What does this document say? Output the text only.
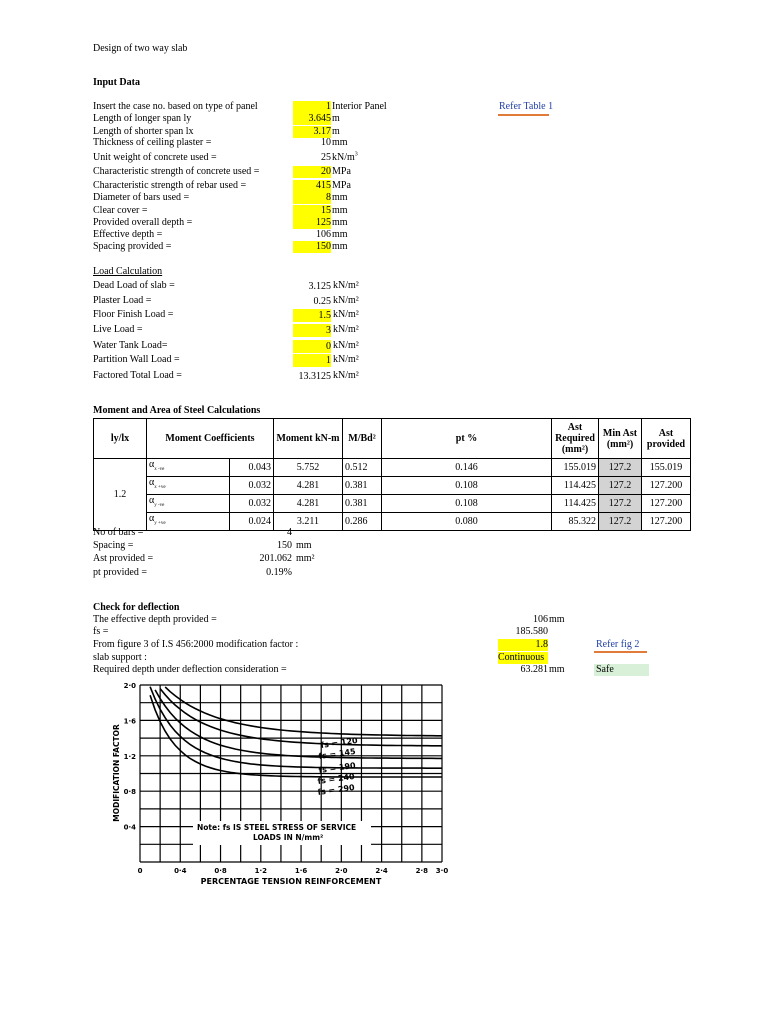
Design of two way slab
Input Data
Refer Table 1
Insert the case no. based on type of panel	1 Interior Panel
Length of longer span ly	3.645 m
Length of shorter span lx	3.17 m
Thickness of ceiling plaster =	10 mm
Unit weight of concrete used =	25 $kN/m^3$
Characteristic strength of concrete used =	20 MPa
Characteristic strength of rebar used =	415 MPa
Diameter of bars used =	8 mm
Clear cover =	15 mm
Provided overall depth =	125 mm
Effective depth =	106 mm
Spacing provided =	150 mm
Load Calculation
Dead Load of slab =	3.125 kN/m²
Plaster Load =	0.25 kN/m²
Floor Finish Load =	1.5 kN/m²
Live Load =	3 kN/m²
Water Tank Load=	0 kN/m²
Partition Wall Load =	1 kN/m²
Factored Total Load =	13.3125 kN/m²
Moment and Area of Steel Calculations
ly/lx	Moment Coefficients		Moment kN-m	M/Bd²	pt %	Ast Required (mm²)	Min Ast (mm²)	Ast provided
1.2	$\alpha_{x -ve}$	0.043	5.752	0.512	0.146	155.019	127.2	155.019
	$\alpha_{x +ve}$	0.032	4.281	0.381	0.108	114.425	127.2	127.200
	$\alpha_{y -ve}$	0.032	4.281	0.381	0.108	114.425	127.2	127.200
	$\alpha_{y +ve}$	0.024	3.211	0.286	0.080	85.322	127.2	127.200
No of bars =	4
Spacing =	150 mm
Ast provided =	201.062 mm²
pt provided =	0.19%
Check for deflection
Refer fig 2
The effective depth provided =	106 mm
fs =	185.580
From figure 3 of I.S 456:2000 modification factor :	1.8
slab support :	Continuous
Required depth under deflection consideration =	63.281 mm	Safe
fs = 120
fs = 145
fs = 190
fs = 240
fs = 290
2·0
1·6
1·2
0·8
0·4
0	0·4	0·8	1·2	1·6	2·0	2·4	2·8 3·0
PERCENTAGE TENSION REINFORCEMENT
MODIFICATION FACTOR
Note: fs IS STEEL STRESS OF SERVICE
LOADS IN N/mm²
